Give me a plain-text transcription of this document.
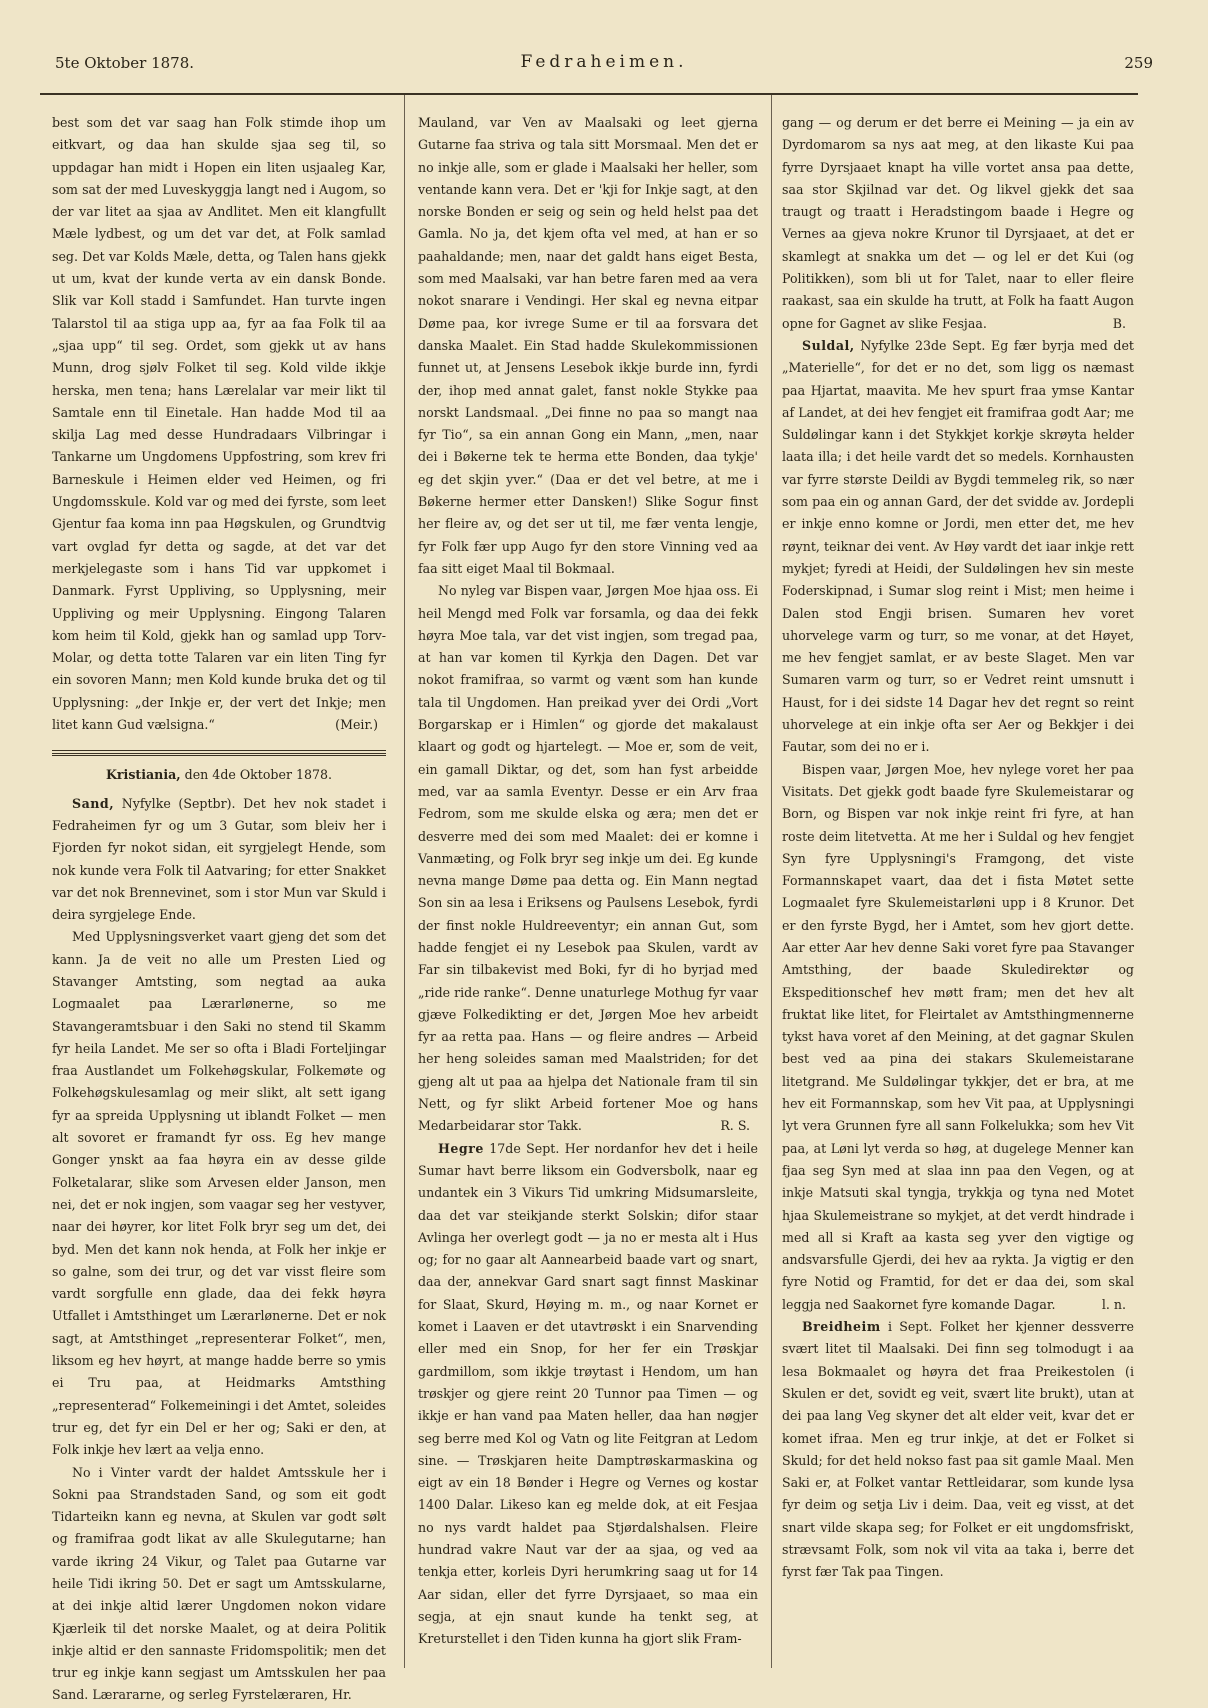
5te Oktober 1878.	Fedraheimen.	259

best som det var saag han Folk stimde ihop um eitkvart, og daa han skulde sjaa seg til, so uppdagar han midt i Hopen ein liten usjaaleg Kar, som sat der med Luveskyggja langt ned i Augom, so der var litet aa sjaa av Andlitet. Men eit klangfullt Mæle lydbest, og um det var det, at Folk samlad seg. Det var Kolds Mæle, detta, og Talen hans gjekk ut um, kvat der kunde verta av ein dansk Bonde. Slik var Koll stadd i Samfundet. Han turvte ingen Talarstol til aa stiga upp aa, fyr aa faa Folk til aa „sjaa upp“ til seg. Ordet, som gjekk ut av hans Munn, drog sjølv Folket til seg. Kold vilde ikkje herska, men tena; hans Lærelalar var meir likt til Samtale enn til Einetale. Han hadde Mod til aa skilja Lag med desse Hundradaars Vilbringar i Tankarne um Ungdomens Uppfostring, som krev fri Barneskule i Heimen elder ved Heimen, og fri Ungdomsskule. Kold var og med dei fyrste, som leet Gjentur faa koma inn paa Høgskulen, og Grundtvig vart ovglad fyr detta og sagde, at det var det merkjelegaste som i hans Tid var uppkomet i Danmark. Fyrst Uppliving, so Upplysning, meir Uppliving og meir Upplysning. Eingong Talaren kom heim til Kold, gjekk han og samlad upp Torv-Molar, og detta totte Talaren var ein liten Ting fyr ein sovoren Mann; men Kold kunde bruka det og til Upplysning: „der Inkje er, der vert det Inkje; men litet kann Gud vælsigna.“	(Meir.)

Kristiania, den 4de Oktober 1878.

Sand, Nyfylke (Septbr). Det hev nok stadet i Fedraheimen fyr og um 3 Gutar, som bleiv her i Fjorden fyr nokot sidan, eit syrgjelegt Hende, som nok kunde vera Folk til Aatvaring; for etter Snakket var det nok Brennevinet, som i stor Mun var Skuld i deira syrgjelege Ende.

Med Upplysningsverket vaart gjeng det som det kann. Ja de veit no alle um Presten Lied og Stavanger Amtsting, som negtad aa auka Logmaalet paa Lærarlønerne, so me Stavangeramtsbuar i den Saki no stend til Skamm fyr heila Landet. Me ser so ofta i Bladi Forteljingar fraa Austlandet um Folkehøgskular, Folkemøte og Folkehøgskulesamlag og meir slikt, alt sett igang fyr aa spreida Upplysning ut iblandt Folket — men alt sovoret er framandt fyr oss. Eg hev mange Gonger ynskt aa faa høyra ein av desse gilde Folketalarar, slike som Arvesen elder Janson, men nei, det er nok ingjen, som vaagar seg her vestyver, naar dei høyrer, kor litet Folk bryr seg um det, dei byd. Men det kann nok henda, at Folk her inkje er so galne, som dei trur, og det var visst fleire som vardt sorgfulle enn glade, daa dei fekk høyra Utfallet i Amtsthinget um Lærarlønerne. Det er nok sagt, at Amtsthinget „representerar Folket“, men, liksom eg hev høyrt, at mange hadde berre so ymis ei Tru paa, at Heidmarks Amtsthing „representerad“ Folkemeiningi i det Amtet, soleides trur eg, det fyr ein Del er her og; Saki er den, at Folk inkje hev lært aa velja enno.

No i Vinter vardt der haldet Amtsskule her i Sokni paa Strandstaden Sand, og som eit godt Tidarteikn kann eg nevna, at Skulen var godt sølt og framifraa godt likat av alle Skulegutarne; han varde ikring 24 Vikur, og Talet paa Gutarne var heile Tidi ikring 50. Det er sagt um Amtsskularne, at dei inkje altid lærer Ungdomen nokon vidare Kjærleik til det norske Maalet, og at deira Politik inkje altid er den sannaste Fridomspolitik; men det trur eg inkje kann segjast um Amtsskulen her paa Sand. Lærararne, og serleg Fyrstelæraren, Hr.

Mauland, var Ven av Maalsaki og leet gjerna Gutarne faa striva og tala sitt Morsmaal. Men det er no inkje alle, som er glade i Maalsaki her heller, som ventande kann vera. Det er 'kji for Inkje sagt, at den norske Bonden er seig og sein og held helst paa det Gamla. No ja, det kjem ofta vel med, at han er so paahaldande; men, naar det galdt hans eiget Besta, som med Maalsaki, var han betre faren med aa vera nokot snarare i Vendingi. Her skal eg nevna eitpar Døme paa, kor ivrege Sume er til aa forsvara det danska Maalet. Ein Stad hadde Skulekommissionen funnet ut, at Jensens Lesebok ikkje burde inn, fyrdi der, ihop med annat galet, fanst nokle Stykke paa norskt Landsmaal. „Dei finne no paa so mangt naa fyr Tio“, sa ein annan Gong ein Mann, „men, naar dei i Bøkerne tek te herma ette Bonden, daa tykje' eg det skjin yver.“ (Daa er det vel betre, at me i Bøkerne hermer etter Dansken!) Slike Sogur finst her fleire av, og det ser ut til, me fær venta lengje, fyr Folk fær upp Augo fyr den store Vinning ved aa faa sitt eiget Maal til Bokmaal.

No nyleg var Bispen vaar, Jørgen Moe hjaa oss. Ei heil Mengd med Folk var forsamla, og daa dei fekk høyra Moe tala, var det vist ingjen, som tregad paa, at han var komen til Kyrkja den Dagen. Det var nokot framifraa, so varmt og vænt som han kunde tala til Ungdomen. Han preikad yver dei Ordi „Vort Borgarskap er i Himlen“ og gjorde det makalaust klaart og godt og hjartelegt. — Moe er, som de veit, ein gamall Diktar, og det, som han fyst arbeidde med, var aa samla Eventyr. Desse er ein Arv fraa Fedrom, som me skulde elska og æra; men det er desverre med dei som med Maalet: dei er komne i Vanmæting, og Folk bryr seg inkje um dei. Eg kunde nevna mange Døme paa detta og. Ein Mann negtad Son sin aa lesa i Eriksens og Paulsens Lesebok, fyrdi der finst nokle Huldreeventyr; ein annan Gut, som hadde fengjet ei ny Lesebok paa Skulen, vardt av Far sin tilbakevist med Boki, fyr di ho byrjad med „ride ride ranke“. Denne unaturlege Mothug fyr vaar gjæve Folkedikting er det, Jørgen Moe hev arbeidt fyr aa retta paa. Hans — og fleire andres — Arbeid her heng soleides saman med Maalstriden; for det gjeng alt ut paa aa hjelpa det Nationale fram til sin Nett, og fyr slikt Arbeid fortener Moe og hans Medarbeidarar stor Takk.	R. S.

Hegre 17de Sept. Her nordanfor hev det i heile Sumar havt berre liksom ein Godversbolk, naar eg undantek ein 3 Vikurs Tid umkring Midsumarsleite, daa det var steikjande sterkt Solskin; difor staar Avlinga her overlegt godt — ja no er mesta alt i Hus og; for no gaar alt Aannearbeid baade vart og snart, daa der, annekvar Gard snart sagt finnst Maskinar for Slaat, Skurd, Høying m. m., og naar Kornet er komet i Laaven er det utavtrøskt i ein Snarvending eller med ein Snop, for her fer ein Trøskjar gardmillom, som ikkje trøytast i Hendom, um han trøskjer og gjere reint 20 Tunnor paa Timen — og ikkje er han vand paa Maten heller, daa han nøgjer seg berre med Kol og Vatn og lite Feitgran at Ledom sine. — Trøskjaren heite Damptrøskarmaskina og eigt av ein 18 Bønder i Hegre og Vernes og kostar 1400 Dalar. Likeso kan eg melde dok, at eit Fesjaa no nys vardt haldet paa Stjørdalshalsen. Fleire hundrad vakre Naut var der aa sjaa, og ved aa tenkja etter, korleis Dyri herumkring saag ut for 14 Aar sidan, eller det fyrre Dyrsjaaet, so maa ein segja, at ejn snaut kunde ha tenkt seg, at Kreturstellet i den Tiden kunna ha gjort slik Fram-

gang — og derum er det berre ei Meining — ja ein av Dyrdomarom sa nys aat meg, at den likaste Kui paa fyrre Dyrsjaaet knapt ha ville vortet ansa paa dette, saa stor Skjilnad var det. Og likvel gjekk det saa traugt og traatt i Heradstingom baade i Hegre og Vernes aa gjeva nokre Krunor til Dyrsjaaet, at det er skamlegt at snakka um det — og lel er det Kui (og Politikken), som bli ut for Talet, naar to eller fleire raakast, saa ein skulde ha trutt, at Folk ha faatt Augon opne for Gagnet av slike Fesjaa.	B.

Suldal, Nyfylke 23de Sept. Eg fær byrja med det „Materielle“, for det er no det, som ligg os næmast paa Hjartat, maavita. Me hev spurt fraa ymse Kantar af Landet, at dei hev fengjet eit framifraa godt Aar; me Suldølingar kann i det Stykkjet korkje skrøyta helder laata illa; i det heile vardt det so medels. Kornhausten var fyrre største Deildi av Bygdi temmeleg rik, so nær som paa ein og annan Gard, der det svidde av. Jordepli er inkje enno komne or Jordi, men etter det, me hev røynt, teiknar dei vent. Av Høy vardt det iaar inkje rett mykjet; fyredi at Heidi, der Suldølingen hev sin meste Foderskipnad, i Sumar slog reint i Mist; men heime i Dalen stod Engji brisen. Sumaren hev voret uhorvelege varm og turr, so me vonar, at det Høyet, me hev fengjet samlat, er av beste Slaget. Men var Sumaren varm og turr, so er Vedret reint umsnutt i Haust, for i dei sidste 14 Dagar hev det regnt so reint uhorvelege at ein inkje ofta ser Aer og Bekkjer i dei Fautar, som dei no er i.

Bispen vaar, Jørgen Moe, hev nylege voret her paa Visitats. Det gjekk godt baade fyre Skulemeistarar og Born, og Bispen var nok inkje reint fri fyre, at han roste deim litetvetta. At me her i Suldal og hev fengjet Syn fyre Upplysningi's Framgong, det viste Formannskapet vaart, daa det i fista Møtet sette Logmaalet fyre Skulemeistarløni upp i 8 Krunor. Det er den fyrste Bygd, her i Amtet, som hev gjort dette. Aar etter Aar hev denne Saki voret fyre paa Stavanger Amtsthing, der baade Skuledirektør og Ekspeditionschef hev møtt fram; men det hev alt fruktat like litet, for Fleirtalet av Amtsthingmennerne tykst hava voret af den Meining, at det gagnar Skulen best ved aa pina dei stakars Skulemeistarane litetgrand. Me Suldølingar tykkjer, det er bra, at me hev eit Formannskap, som hev Vit paa, at Upplysningi lyt vera Grunnen fyre all sann Folkelukka; som hev Vit paa, at Løni lyt verda so høg, at dugelege Menner kan fjaa seg Syn med at slaa inn paa den Vegen, og at inkje Matsuti skal tyngja, trykkja og tyna ned Motet hjaa Skulemeistrane so mykjet, at det verdt hindrade i med all si Kraft aa kasta seg yver den vigtige og andsvarsfulle Gjerdi, dei hev aa rykta. Ja vigtig er den fyre Notid og Framtid, for det er daa dei, som skal leggja ned Saakornet fyre komande Dagar.	l. n.

Breidheim i Sept. Folket her kjenner dessverre svært litet til Maalsaki. Dei finn seg tolmodugt i aa lesa Bokmaalet og høyra det fraa Preikestolen (i Skulen er det, sovidt eg veit, svært lite brukt), utan at dei paa lang Veg skyner det alt elder veit, kvar det er komet ifraa. Men eg trur inkje, at det er Folket si Skuld; for det held nokso fast paa sit gamle Maal. Men Saki er, at Folket vantar Rettleidarar, som kunde lysa fyr deim og setja Liv i deim. Daa, veit eg visst, at det snart vilde skapa seg; for Folket er eit ungdomsfriskt, strævsamt Folk, som nok vil vita aa taka i, berre det fyrst fær Tak paa Tingen.
